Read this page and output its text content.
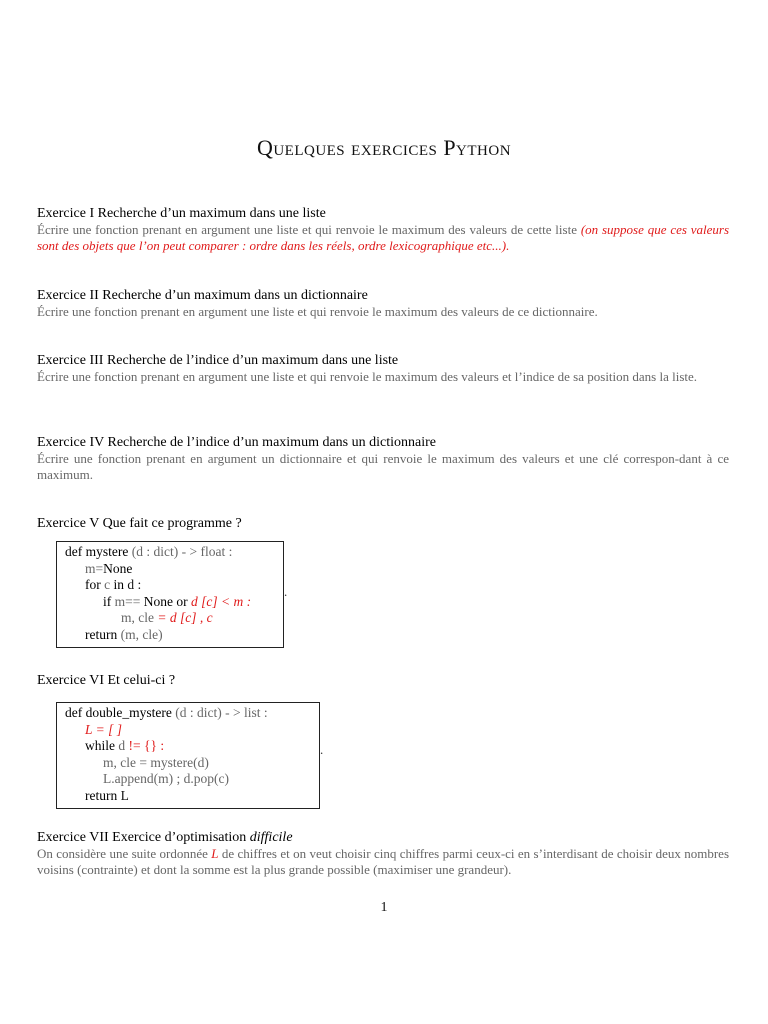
Quelques exercices Python
Exercice I Recherche d’un maximum dans une liste
Écrire une fonction prenant en argument une liste et qui renvoie le maximum des valeurs de cette liste (on suppose que ces valeurs sont des objets que l’on peut comparer : ordre dans les réels, ordre lexicographique etc...).
Exercice II Recherche d’un maximum dans un dictionnaire
Écrire une fonction prenant en argument une liste et qui renvoie le maximum des valeurs de ce dictionnaire.
Exercice III Recherche de l’indice d’un maximum dans une liste
Écrire une fonction prenant en argument une liste et qui renvoie le maximum des valeurs et l’indice de sa position dans la liste.
Exercice IV Recherche de l’indice d’un maximum dans un dictionnaire
Écrire une fonction prenant en argument un dictionnaire et qui renvoie le maximum des valeurs et une clé correspon-dant à ce maximum.
Exercice V Que fait ce programme ?
def mystere (d : dict) - > float :
m=None
for c in d :
if m== None or d [c] < m :
m, cle = d [c] , c
return (m, cle)
.
Exercice VI Et celui-ci ?
def double_mystere (d : dict) - > list :
L = [ ]
while d != {} :
m, cle = mystere(d)
L.append(m) ; d.pop(c)
return L
.
Exercice VII Exercice d’optimisation difficile
On considère une suite ordonnée L de chiffres et on veut choisir cinq chiffres parmi ceux-ci en s’interdisant de choisir deux nombres voisins (contrainte) et dont la somme est la plus grande possible (maximiser une grandeur).
1
